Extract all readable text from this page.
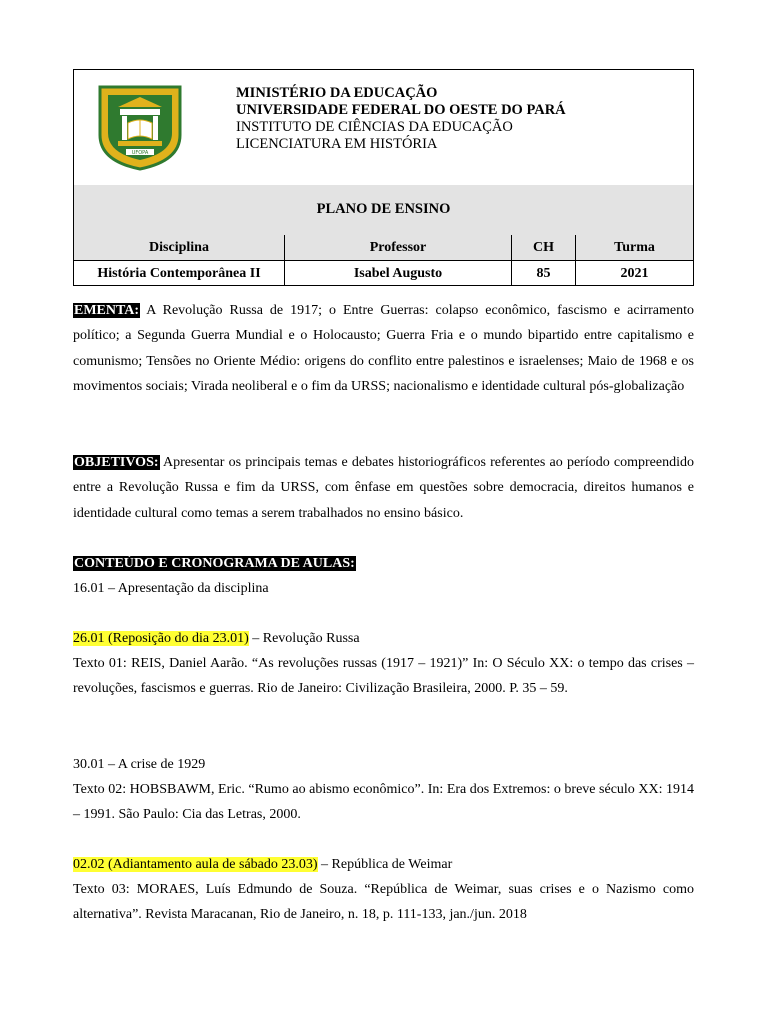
UFOPA
MINISTÉRIO DA EDUCAÇÃO
UNIVERSIDADE FEDERAL DO OESTE DO PARÁ
INSTITUTO DE CIÊNCIAS DA EDUCAÇÃO
LICENCIATURA EM HISTÓRIA
PLANO DE ENSINO
Disciplina	Professor	CH	Turma
História Contemporânea II	Isabel Augusto	85	2021
EMENTA: A Revolução Russa de 1917; o Entre Guerras: colapso econômico, fascismo e acirramento político; a Segunda Guerra Mundial e o Holocausto; Guerra Fria e o mundo bipartido entre capitalismo e comunismo; Tensões no Oriente Médio: origens do conflito entre palestinos e israelenses; Maio de 1968 e os movimentos sociais; Virada neoliberal e o fim da URSS; nacionalismo e identidade cultural pós-globalização
OBJETIVOS: Apresentar os principais temas e debates historiográficos referentes ao período compreendido entre a Revolução Russa e fim da URSS, com ênfase em questões sobre democracia, direitos humanos e identidade cultural como temas a serem trabalhados no ensino básico.
CONTEÚDO E CRONOGRAMA DE AULAS:
16.01 – Apresentação da disciplina
26.01 (Reposição do dia 23.01) – Revolução Russa
Texto 01: REIS, Daniel Aarão. “As revoluções russas (1917 – 1921)” In: O Século XX: o tempo das crises – revoluções, fascismos e guerras. Rio de Janeiro: Civilização Brasileira, 2000. P. 35 – 59.
30.01 – A crise de 1929
Texto 02: HOBSBAWM, Eric. “Rumo ao abismo econômico”. In: Era dos Extremos: o breve século XX: 1914 – 1991. São Paulo: Cia das Letras, 2000.
02.02 (Adiantamento aula de sábado 23.03) – República de Weimar
Texto 03: MORAES, Luís Edmundo de Souza. “República de Weimar, suas crises e o Nazismo como alternativa”. Revista Maracanan, Rio de Janeiro, n. 18, p. 111-133, jan./jun. 2018
